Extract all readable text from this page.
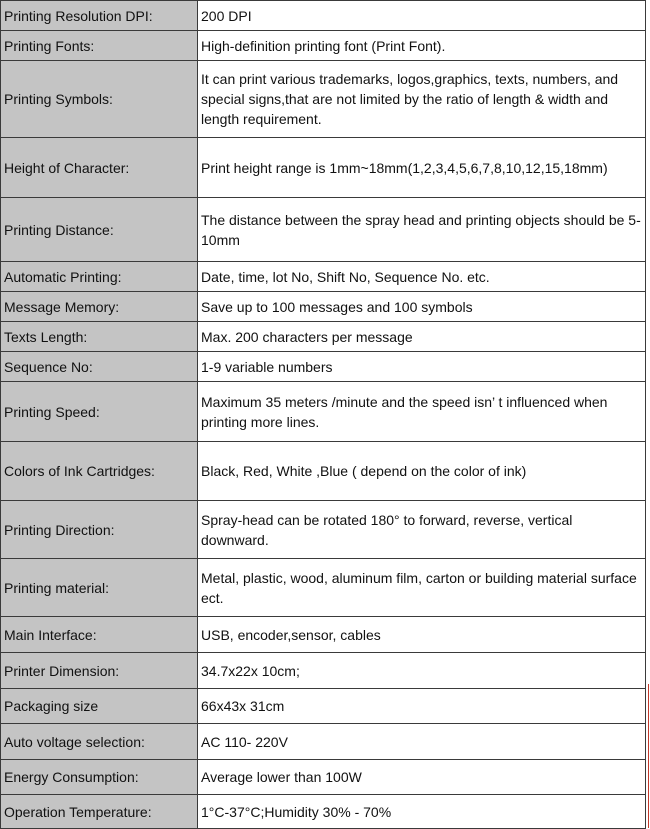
Printing Resolution DPI:	200 DPI
Printing Fonts:	High-definition printing font (Print Font).
Printing Symbols:	It can print various trademarks, logos,graphics, texts, numbers, and special signs,that are not limited by the ratio of length & width and length requirement.
Height of Character:	Print height range is 1mm~18mm(1,2,3,4,5,6,7,8,10,12,15,18mm)
Printing Distance:	The distance between the spray head and printing objects should be 5-10mm
Automatic Printing:	Date, time, lot No, Shift No, Sequence No. etc.
Message Memory:	Save up to 100 messages and 100 symbols
Texts Length:	Max. 200 characters per message
Sequence No:	1-9 variable numbers
Printing Speed:	Maximum 35 meters /minute and the speed isn’ t influenced when printing more lines.
Colors of Ink Cartridges:	Black, Red, White ,Blue ( depend on the color of ink)
Printing Direction:	Spray-head can be rotated 180° to forward, reverse, vertical downward.
Printing material:	Metal, plastic, wood, aluminum film, carton or building material surface ect.
Main Interface:	USB, encoder,sensor, cables
Printer Dimension:	34.7x22x 10cm;
Packaging size	66x43x 31cm
Auto voltage selection:	AC 110- 220V
Energy Consumption:	Average lower than 100W
Operation Temperature:	1°C-37°C;Humidity 30% - 70%
